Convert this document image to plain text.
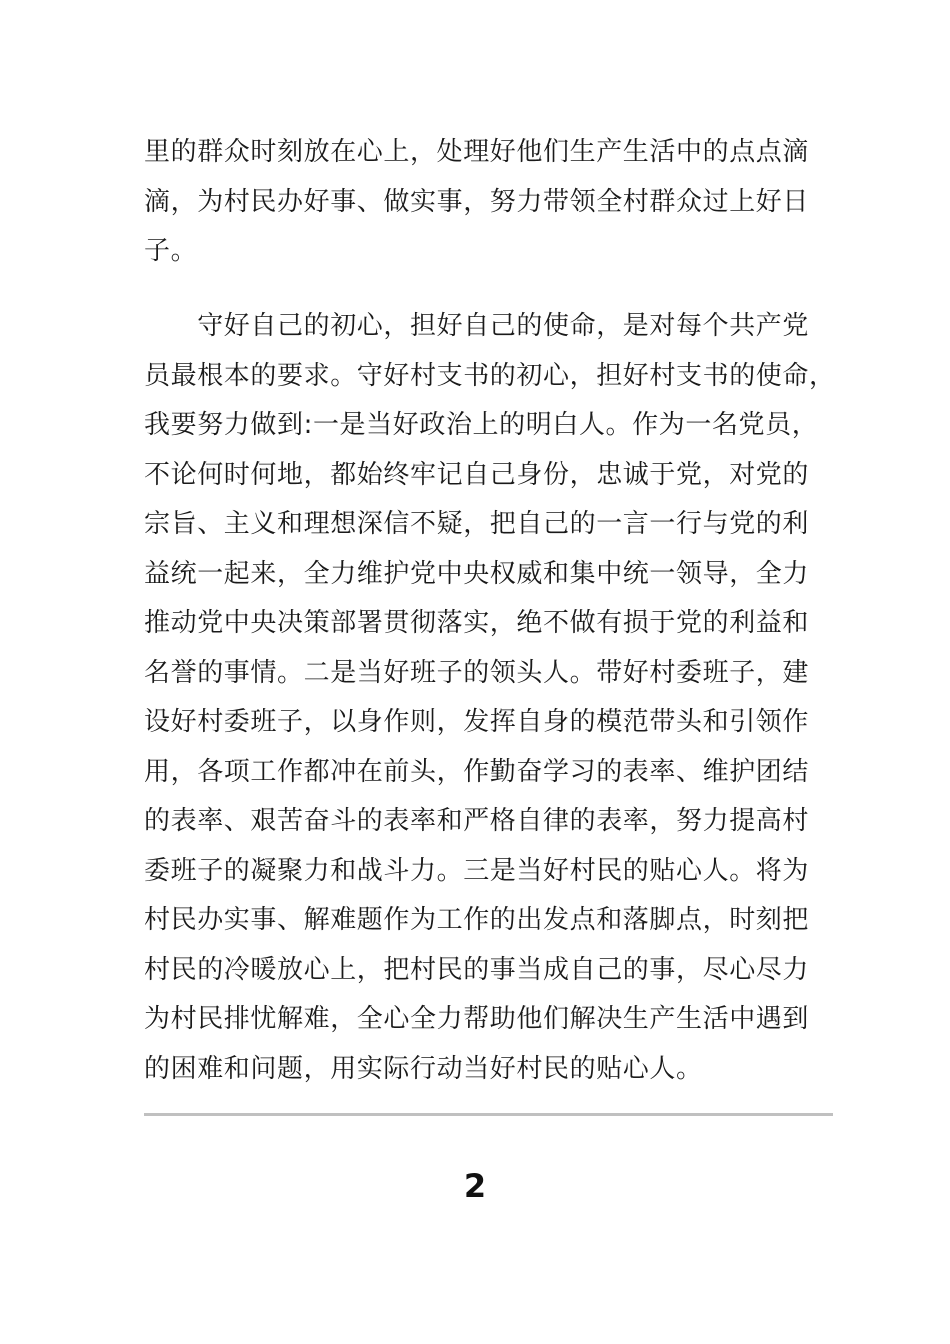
里的群众时刻放在心上，处理好他们生产生活中的点点滴
滴，为村民办好事、做实事，努力带领全村群众过上好日
子。
　　守好自己的初心，担好自己的使命，是对每个共产党
员最根本的要求。守好村支书的初心，担好村支书的使命，
我要努力做到:一是当好政治上的明白人。作为一名党员，
不论何时何地，都始终牢记自己身份，忠诚于党，对党的
宗旨、主义和理想深信不疑，把自己的一言一行与党的利
益统一起来，全力维护党中央权威和集中统一领导，全力
推动党中央决策部署贯彻落实，绝不做有损于党的利益和
名誉的事情。二是当好班子的领头人。带好村委班子，建
设好村委班子，以身作则，发挥自身的模范带头和引领作
用，各项工作都冲在前头，作勤奋学习的表率、维护团结
的表率、艰苦奋斗的表率和严格自律的表率，努力提高村
委班子的凝聚力和战斗力。三是当好村民的贴心人。将为
村民办实事、解难题作为工作的出发点和落脚点，时刻把
村民的冷暖放心上，把村民的事当成自己的事，尽心尽力
为村民排忧解难，全心全力帮助他们解决生产生活中遇到
的困难和问题，用实际行动当好村民的贴心人。
2
